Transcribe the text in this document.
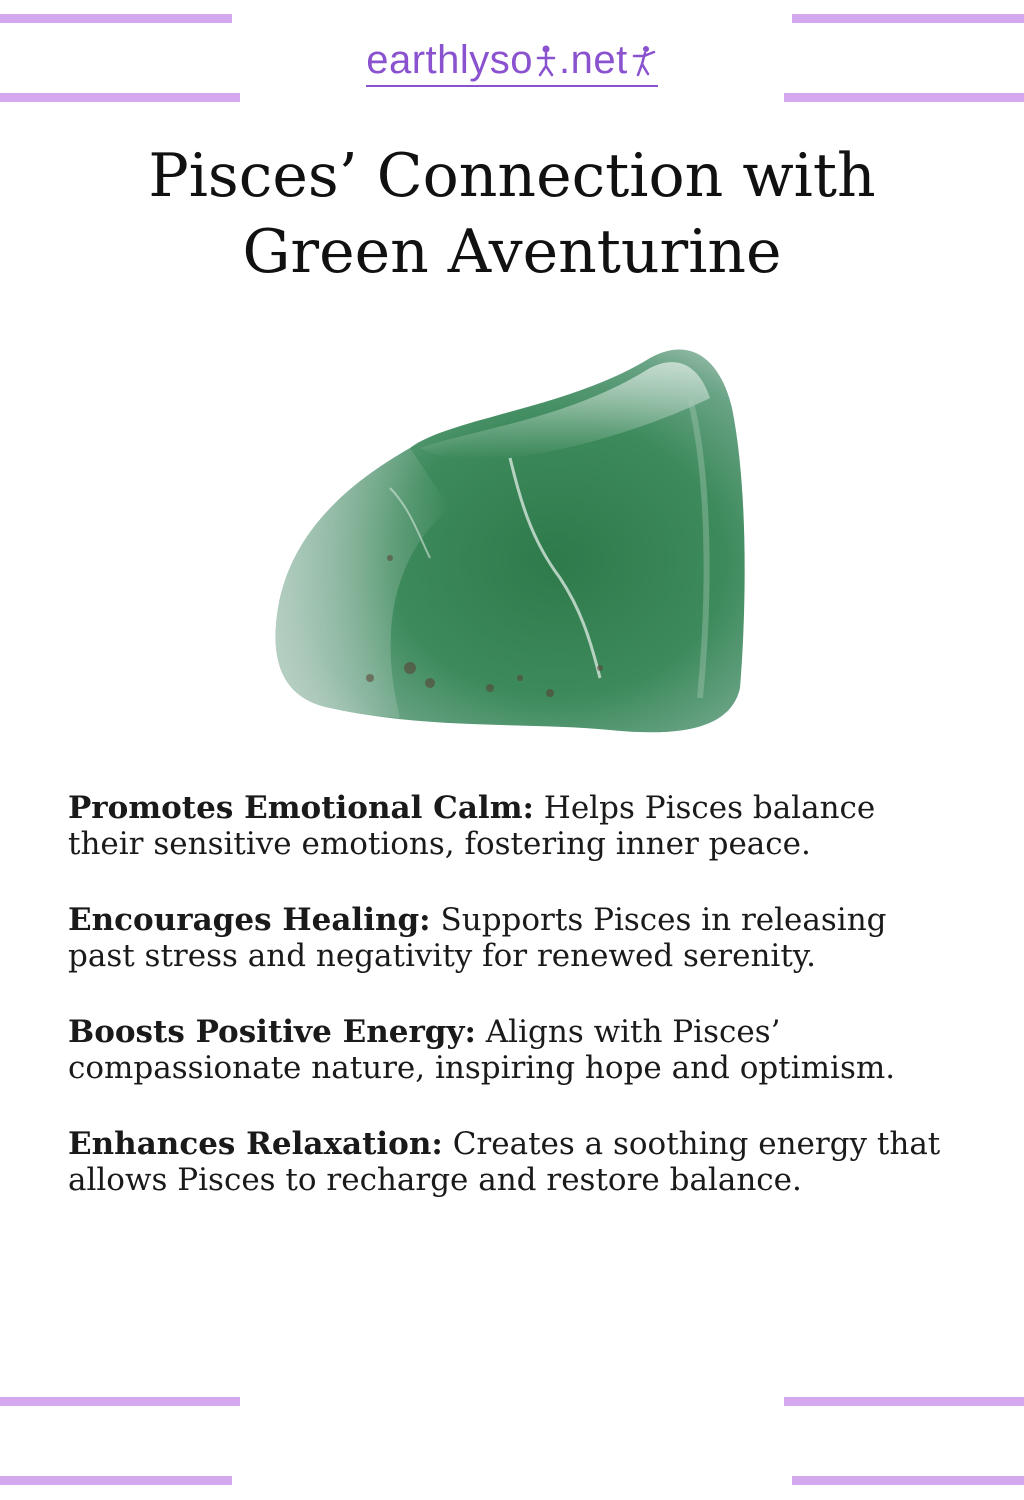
earthlyso .net
Pisces’ Connection with
Green Aventurine

Promotes Emotional Calm: Helps Pisces balance their sensitive emotions, fostering inner peace.

Encourages Healing: Supports Pisces in releasing past stress and negativity for renewed serenity.

Boosts Positive Energy: Aligns with Pisces’ compassionate nature, inspiring hope and optimism.

Enhances Relaxation: Creates a soothing energy that allows Pisces to recharge and restore balance.
